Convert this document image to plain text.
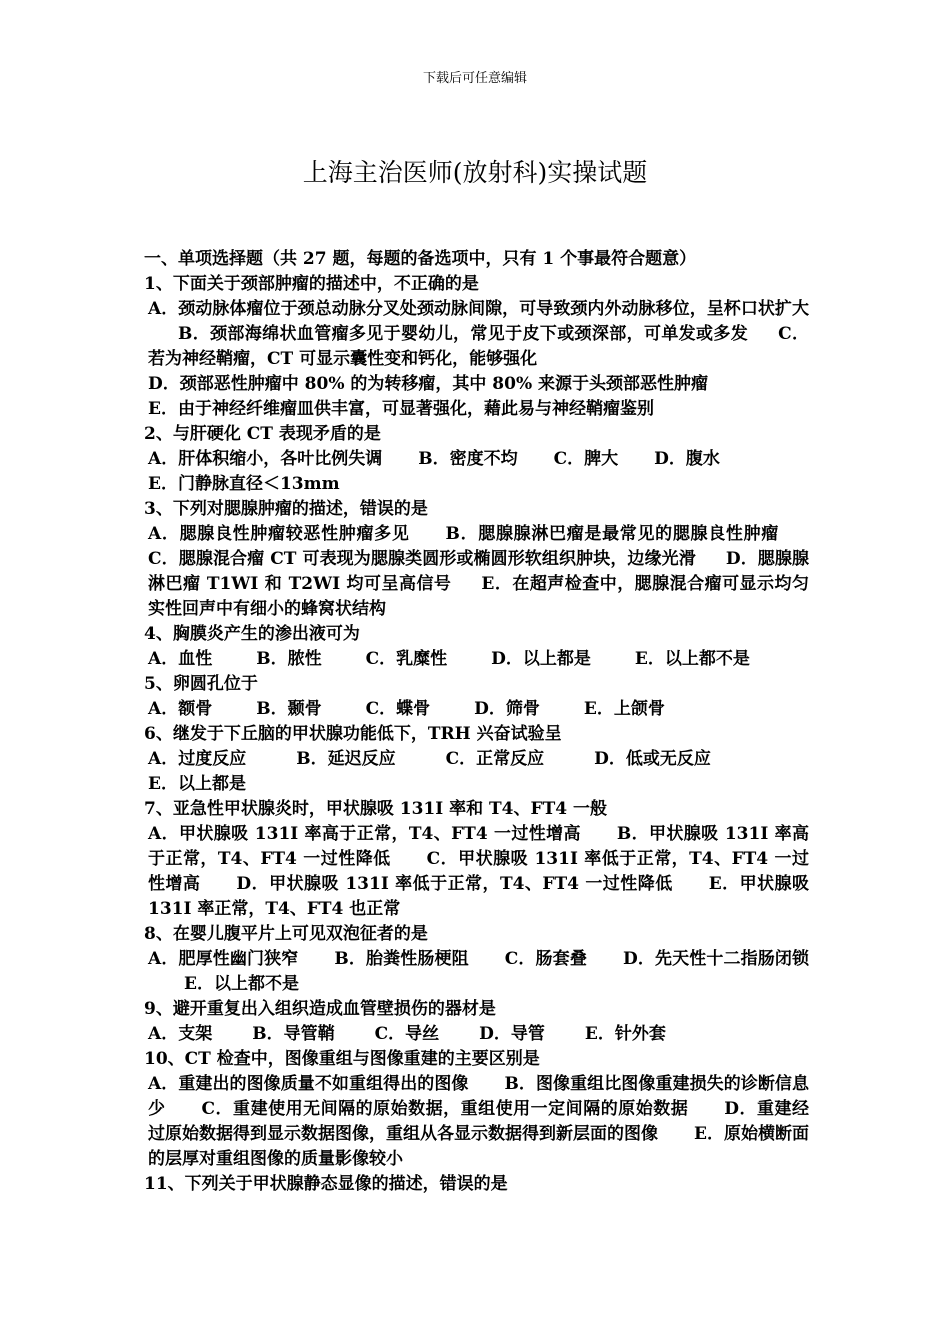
下载后可任意编辑
上海主治医师(放射科)实操试题

一、单项选择题（共 27 题，每题的备选项中，只有 1 个事最符合题意）

1、下面关于颈部肿瘤的描述中，不正确的是

A．颈动脉体瘤位于颈总动脉分叉处颈动脉间隙，可导致颈内外动脉移位，呈杯口状扩大B．颈部海绵状血管瘤多见于婴幼儿，常见于皮下或颈深部，可单发或多发 C．若为神经鞘瘤，CT 可显示囊性变和钙化，能够强化
D．颈部恶性肿瘤中 80% 的为转移瘤，其中 80% 来源于头颈部恶性肿瘤
E．由于神经纤维瘤皿供丰富，可显著强化，藉此易与神经鞘瘤鉴别

2、与肝硬化 CT 表现矛盾的是

A．肝体积缩小，各叶比例失调 B．密度不均 C．脾大 D．腹水
E．门静脉直径＜13mm

3、下列对腮腺肿瘤的描述，错误的是

A．腮腺良性肿瘤较恶性肿瘤多见 B．腮腺腺淋巴瘤是最常见的腮腺良性肿瘤C．腮腺混合瘤 CT 可表现为腮腺类圆形或椭圆形软组织肿块，边缘光滑 D．腮腺腺淋巴瘤 T1WI 和 T2WI 均可呈高信号 E．在超声检查中，腮腺混合瘤可显示均匀实性回声中有细小的蜂窝状结构

4、胸膜炎产生的渗出液可为

A．血性	B．脓性	C．乳糜性	D．以上都是	E．以上都不是

5、卵圆孔位于

A．额骨	B．颞骨	C．蝶骨	D．筛骨	E．上颌骨

6、继发于下丘脑的甲状腺功能低下，TRH 兴奋试验呈

A．过度反应	B．延迟反应	C．正常反应	D．低或无反应
E．以上都是

7、亚急性甲状腺炎时，甲状腺吸 131I 率和 T4、FT4 一般

A．甲状腺吸 131I 率高于正常，T4、FT4 一过性增高 B．甲状腺吸 131I 率高于正常，T4、FT4 一过性降低 C．甲状腺吸 131I 率低于正常，T4、FT4 一过性增高 D．甲状腺吸 131I 率低于正常，T4、FT4 一过性降低 E．甲状腺吸 131I 率正常，T4、FT4 也正常

8、在婴儿腹平片上可见双泡征者的是

A．肥厚性幽门狭窄 B．胎粪性肠梗阻 C．肠套叠 D．先天性十二指肠闭锁E．以上都不是

9、避开重复出入组织造成血管壁损伤的器材是

A．支架 B．导管鞘 C．导丝 D．导管 E．针外套

10、CT 检查中，图像重组与图像重建的主要区别是

A．重建出的图像质量不如重组得出的图像 B．图像重组比图像重建损失的诊断信息少 C．重建使用无间隔的原始数据，重组使用一定间隔的原始数据 D．重建经过原始数据得到显示数据图像，重组从各显示数据得到新层面的图像 E．原始横断面的层厚对重组图像的质量影像较小

11、下列关于甲状腺静态显像的描述，错误的是
